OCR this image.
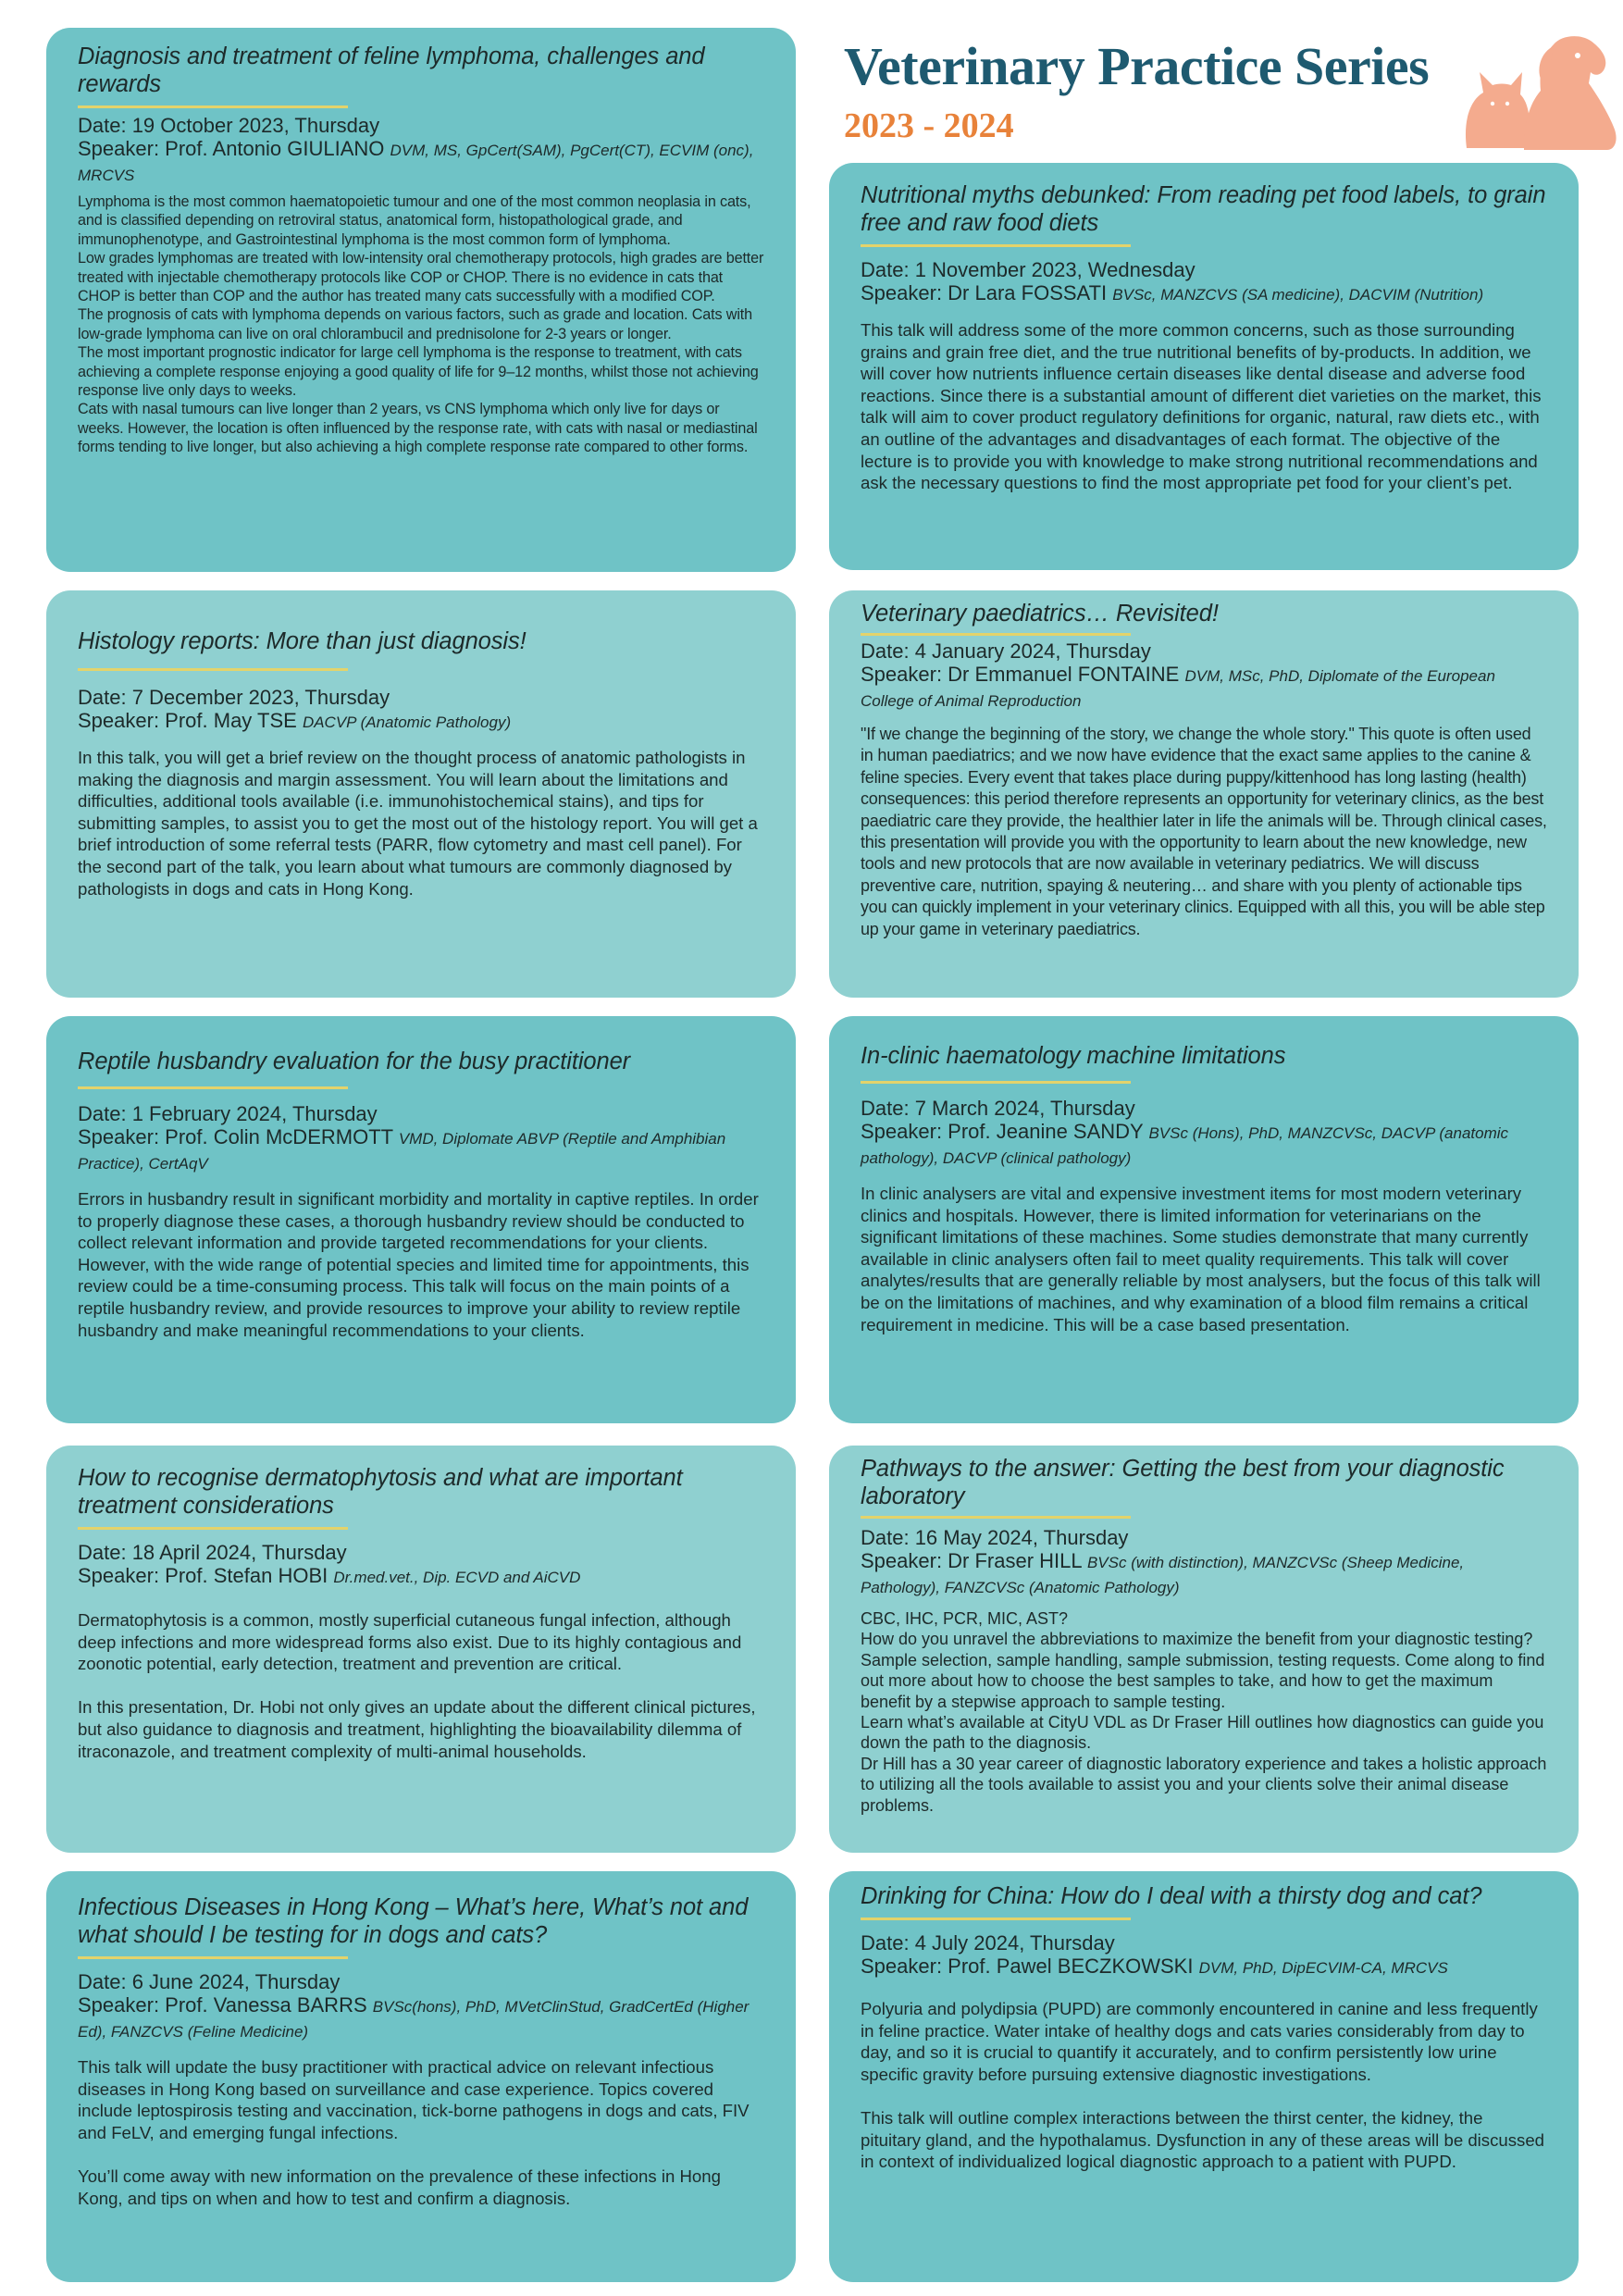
Veterinary Practice Series
2023 - 2024
Diagnosis and treatment of feline lymphoma, challenges and rewards

Date: 19 October 2023, Thursday

Speaker: Prof. Antonio GIULIANO DVM, MS, GpCert(SAM), PgCert(CT), ECVIM (onc), MRCVS

Lymphoma is the most common haematopoietic tumour and one of the most common neoplasia in cats, and is classified depending on retroviral status, anatomical form, histopathological grade, and immunophenotype, and Gastrointestinal lymphoma is the most common form of lymphoma.
Low grades lymphomas are treated with low-intensity oral chemotherapy protocols, high grades are better treated with injectable chemotherapy protocols like COP or CHOP. There is no evidence in cats that CHOP is better than COP and the author has treated many cats successfully with a modified COP.
The prognosis of cats with lymphoma depends on various factors, such as grade and location. Cats with low-grade lymphoma can live on oral chlorambucil and prednisolone for 2-3 years or longer.
The most important prognostic indicator for large cell lymphoma is the response to treatment, with cats achieving a complete response enjoying a good quality of life for 9–12 months, whilst those not achieving response live only days to weeks.
Cats with nasal tumours can live longer than 2 years, vs CNS lymphoma which only live for days or weeks. However, the location is often influenced by the response rate, with cats with nasal or mediastinal forms tending to live longer, but also achieving a high complete response rate compared to other forms.

Nutritional myths debunked: From reading pet food labels, to grain free and raw food diets

Date: 1 November 2023, Wednesday

Speaker: Dr Lara FOSSATI BVSc, MANZCVS (SA medicine), DACVIM (Nutrition)

This talk will address some of the more common concerns, such as those surrounding grains and grain free diet, and the true nutritional benefits of by-products. In addition, we will cover how nutrients influence certain diseases like dental disease and adverse food reactions. Since there is a substantial amount of different diet varieties on the market, this talk will aim to cover product regulatory definitions for organic, natural, raw diets etc., with an outline of the advantages and disadvantages of each format. The objective of the lecture is to provide you with knowledge to make strong nutritional recommendations and ask the necessary questions to find the most appropriate pet food for your client’s pet.

Histology reports: More than just diagnosis!

Date: 7 December 2023, Thursday

Speaker: Prof. May TSE DACVP (Anatomic Pathology)

In this talk, you will get a brief review on the thought process of anatomic pathologists in making the diagnosis and margin assessment. You will learn about the limitations and difficulties, additional tools available (i.e. immunohistochemical stains), and tips for submitting samples, to assist you to get the most out of the histology report. You will get a brief introduction of some referral tests (PARR, flow cytometry and mast cell panel). For the second part of the talk, you learn about what tumours are commonly diagnosed by pathologists in dogs and cats in Hong Kong.

Veterinary paediatrics… Revisited!

Date: 4 January 2024, Thursday

Speaker: Dr Emmanuel FONTAINE DVM, MSc, PhD, Diplomate of the European College of Animal Reproduction

"If we change the beginning of the story, we change the whole story." This quote is often used in human paediatrics; and we now have evidence that the exact same applies to the canine & feline species. Every event that takes place during puppy/kittenhood has long lasting (health) consequences: this period therefore represents an opportunity for veterinary clinics, as the best paediatric care they provide, the healthier later in life the animals will be. Through clinical cases, this presentation will provide you with the opportunity to learn about the new knowledge, new tools and new protocols that are now available in veterinary pediatrics. We will discuss preventive care, nutrition, spaying & neutering… and share with you plenty of actionable tips you can quickly implement in your veterinary clinics. Equipped with all this, you will be able step up your game in veterinary paediatrics.

Reptile husbandry evaluation for the busy practitioner

Date: 1 February 2024, Thursday

Speaker: Prof. Colin McDERMOTT VMD, Diplomate ABVP (Reptile and Amphibian Practice), CertAqV

Errors in husbandry result in significant morbidity and mortality in captive reptiles. In order to properly diagnose these cases, a thorough husbandry review should be conducted to collect relevant information and provide targeted recommendations for your clients. However, with the wide range of potential species and limited time for appointments, this review could be a time-consuming process. This talk will focus on the main points of a reptile husbandry review, and provide resources to improve your ability to review reptile husbandry and make meaningful recommendations to your clients.

In-clinic haematology machine limitations

Date: 7 March 2024, Thursday

Speaker: Prof. Jeanine SANDY BVSc (Hons), PhD, MANZCVSc, DACVP (anatomic pathology), DACVP (clinical pathology)

In clinic analysers are vital and expensive investment items for most modern veterinary clinics and hospitals. However, there is limited information for veterinarians on the significant limitations of these machines. Some studies demonstrate that many currently available in clinic analysers often fail to meet quality requirements. This talk will cover analytes/results that are generally reliable by most analysers, but the focus of this talk will be on the limitations of machines, and why examination of a blood film remains a critical requirement in medicine. This will be a case based presentation.

How to recognise dermatophytosis and what are important treatment considerations

Date: 18 April 2024, Thursday

Speaker: Prof. Stefan HOBI Dr.med.vet., Dip. ECVD and AiCVD

Dermatophytosis is a common, mostly superficial cutaneous fungal infection, although deep infections and more widespread forms also exist. Due to its highly contagious and zoonotic potential, early detection, treatment and prevention are critical.

In this presentation, Dr. Hobi not only gives an update about the different clinical pictures, but also guidance to diagnosis and treatment, highlighting the bioavailability dilemma of itraconazole, and treatment complexity of multi-animal households.

Pathways to the answer: Getting the best from your diagnostic laboratory

Date: 16 May 2024, Thursday

Speaker: Dr Fraser HILL BVSc (with distinction), MANZCVSc (Sheep Medicine, Pathology), FANZCVSc (Anatomic Pathology)

CBC, IHC, PCR, MIC, AST?
How do you unravel the abbreviations to maximize the benefit from your diagnostic testing?
Sample selection, sample handling, sample submission, testing requests. Come along to find out more about how to choose the best samples to take, and how to get the maximum benefit by a stepwise approach to sample testing.
Learn what’s available at CityU VDL as Dr Fraser Hill outlines how diagnostics can guide you down the path to the diagnosis.
Dr Hill has a 30 year career of diagnostic laboratory experience and takes a holistic approach to utilizing all the tools available to assist you and your clients solve their animal disease problems.

Infectious Diseases in Hong Kong – What’s here, What’s not and what should I be testing for in dogs and cats?

Date: 6 June 2024, Thursday

Speaker: Prof. Vanessa BARRS BVSc(hons), PhD, MVetClinStud, GradCertEd (Higher Ed), FANZCVS (Feline Medicine)

This talk will update the busy practitioner with practical advice on relevant infectious diseases in Hong Kong based on surveillance and case experience. Topics covered include leptospirosis testing and vaccination, tick-borne pathogens in dogs and cats, FIV and FeLV, and emerging fungal infections.

You’ll come away with new information on the prevalence of these infections in Hong Kong, and tips on when and how to test and confirm a diagnosis.

Drinking for China: How do I deal with a thirsty dog and cat?

Date: 4 July 2024, Thursday

Speaker: Prof. Pawel BECZKOWSKI DVM, PhD, DipECVIM-CA, MRCVS

Polyuria and polydipsia (PUPD) are commonly encountered in canine and less frequently in feline practice. Water intake of healthy dogs and cats varies considerably from day to day, and so it is crucial to quantify it accurately, and to confirm persistently low urine specific gravity before pursuing extensive diagnostic investigations.

This talk will outline complex interactions between the thirst center, the kidney, the pituitary gland, and the hypothalamus. Dysfunction in any of these areas will be discussed in context of individualized logical diagnostic approach to a patient with PUPD.
